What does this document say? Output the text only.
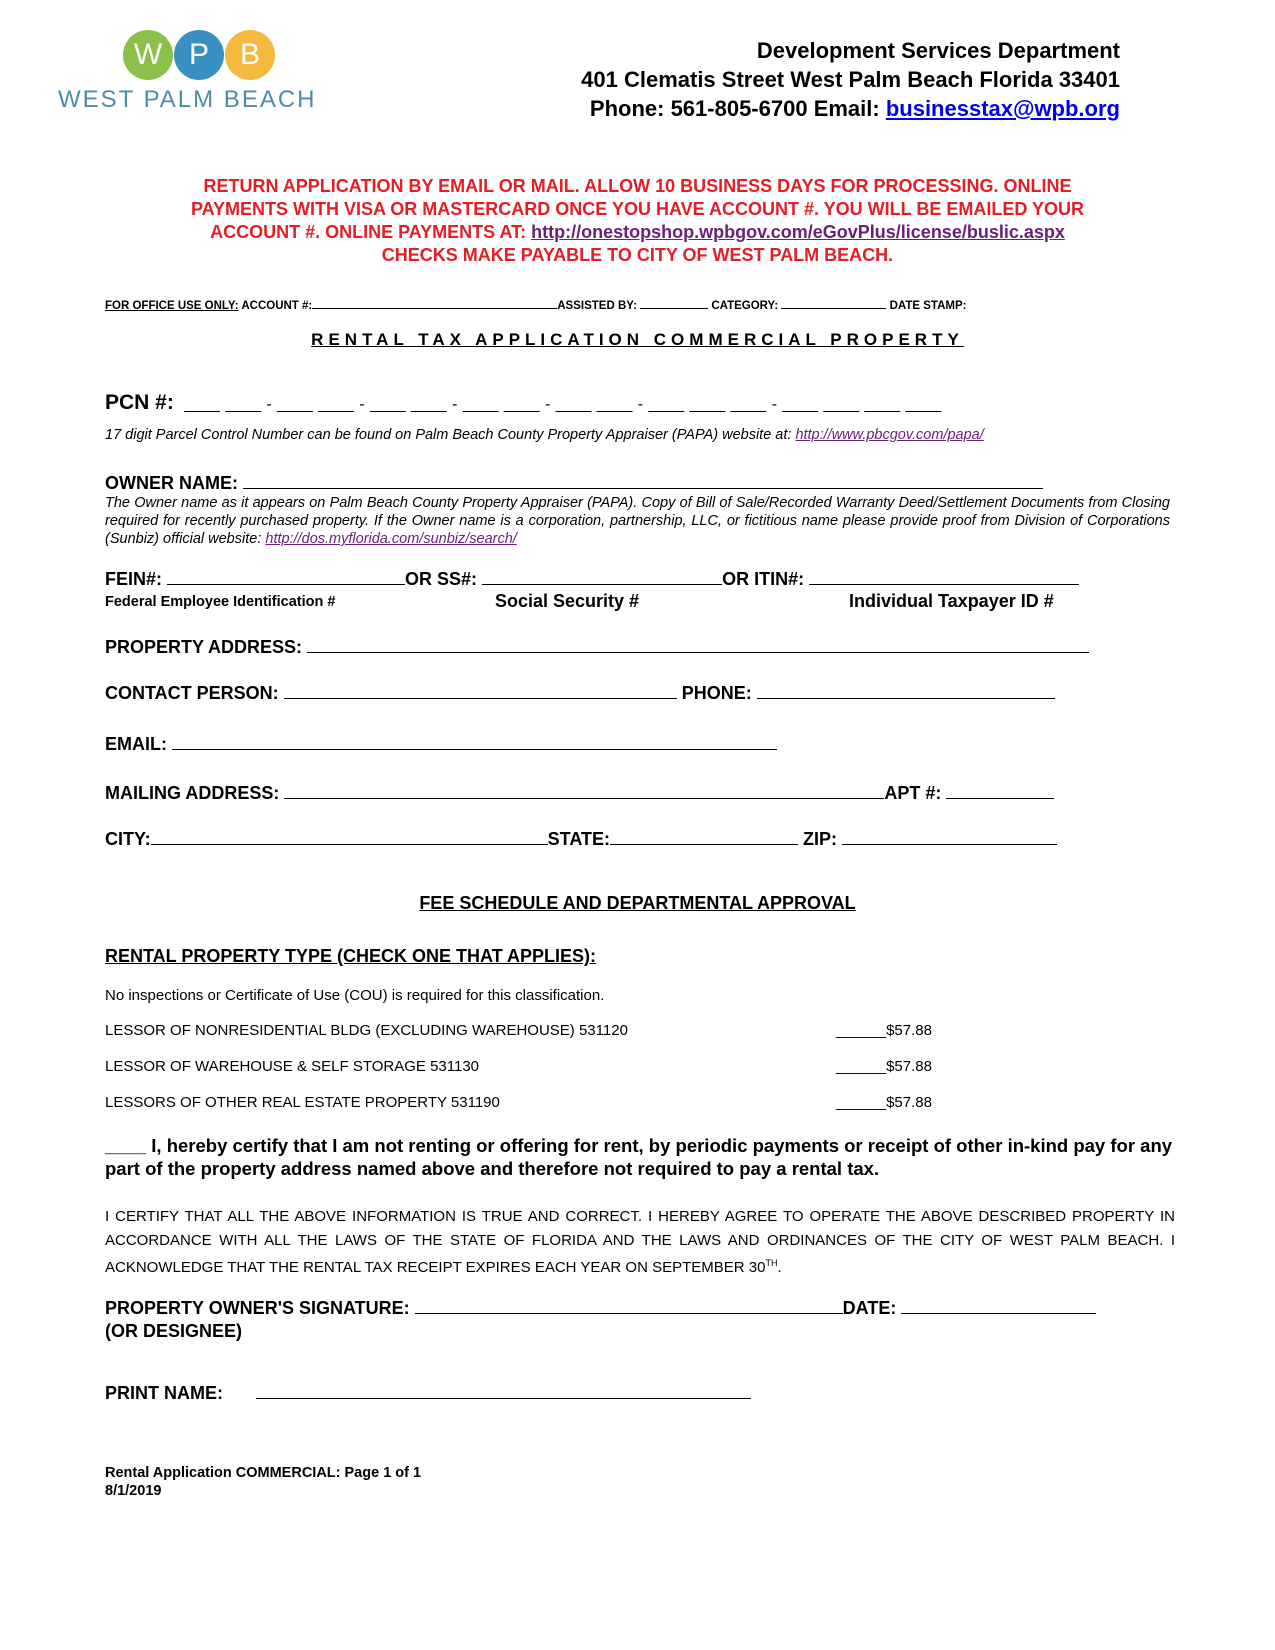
W P	B
WEST PALM BEACH
Development Services Department
401 Clematis Street West Palm Beach Florida 33401
Phone: 561-805-6700 Email: businesstax@wpb.org
RETURN APPLICATION BY EMAIL OR MAIL. ALLOW 10 BUSINESS DAYS FOR PROCESSING. ONLINE
PAYMENTS WITH VISA OR MASTERCARD ONCE YOU HAVE ACCOUNT #. YOU WILL BE EMAILED YOUR
ACCOUNT #. ONLINE PAYMENTS AT: http://onestopshop.wpbgov.com/eGovPlus/license/buslic.aspx
CHECKS MAKE PAYABLE TO CITY OF WEST PALM BEACH.
FOR OFFICE USE ONLY: ACCOUNT #:	ASSISTED BY:	CATEGORY:	DATE STAMP:
RENTAL TAX APPLICATION COMMERCIAL PROPERTY
PCN #: ____ ____ - ____ ____ - ____ ____ - ____ ____ - ____ ____ - ____ ____ ____ - ____ ____ ____ ____
17 digit Parcel Control Number can be found on Palm Beach County Property Appraiser (PAPA) website at: http://www.pbcgov.com/papa/
OWNER NAME:
The Owner name as it appears on Palm Beach County Property Appraiser (PAPA). Copy of Bill of Sale/Recorded Warranty Deed/Settlement Documents from Closing required for recently purchased property. If the Owner name is a corporation, partnership, LLC, or fictitious name please provide proof from Division of Corporations (Sunbiz) official website: http://dos.myflorida.com/sunbiz/search/
FEIN#:	OR SS#:	OR ITIN#:
Federal Employee Identification #	Social Security #	Individual Taxpayer ID #
PROPERTY ADDRESS:
CONTACT PERSON:	PHONE:
EMAIL:
MAILING ADDRESS:	APT #:
CITY:	STATE:	ZIP:
FEE SCHEDULE AND DEPARTMENTAL APPROVAL
RENTAL PROPERTY TYPE (CHECK ONE THAT APPLIES):
No inspections or Certificate of Use (COU) is required for this classification.
LESSOR OF NONRESIDENTIAL BLDG (EXCLUDING WAREHOUSE) 531120	______$57.88
LESSOR OF WAREHOUSE & SELF STORAGE 531130	______$57.88
LESSORS OF OTHER REAL ESTATE PROPERTY 531190	______$57.88
____ I, hereby certify that I am not renting or offering for rent, by periodic payments or receipt of other in-kind pay for any part of the property address named above and therefore not required to pay a rental tax.
I CERTIFY THAT ALL THE ABOVE INFORMATION IS TRUE AND CORRECT. I HEREBY AGREE TO OPERATE THE ABOVE DESCRIBED PROPERTY IN ACCORDANCE WITH ALL THE LAWS OF THE STATE OF FLORIDA AND THE LAWS AND ORDINANCES OF THE CITY OF WEST PALM BEACH. I ACKNOWLEDGE THAT THE RENTAL TAX RECEIPT EXPIRES EACH YEAR ON SEPTEMBER 30TH.
PROPERTY OWNER'S SIGNATURE:	DATE:
(OR DESIGNEE)
PRINT NAME:
Rental Application COMMERCIAL: Page 1 of 1
8/1/2019
